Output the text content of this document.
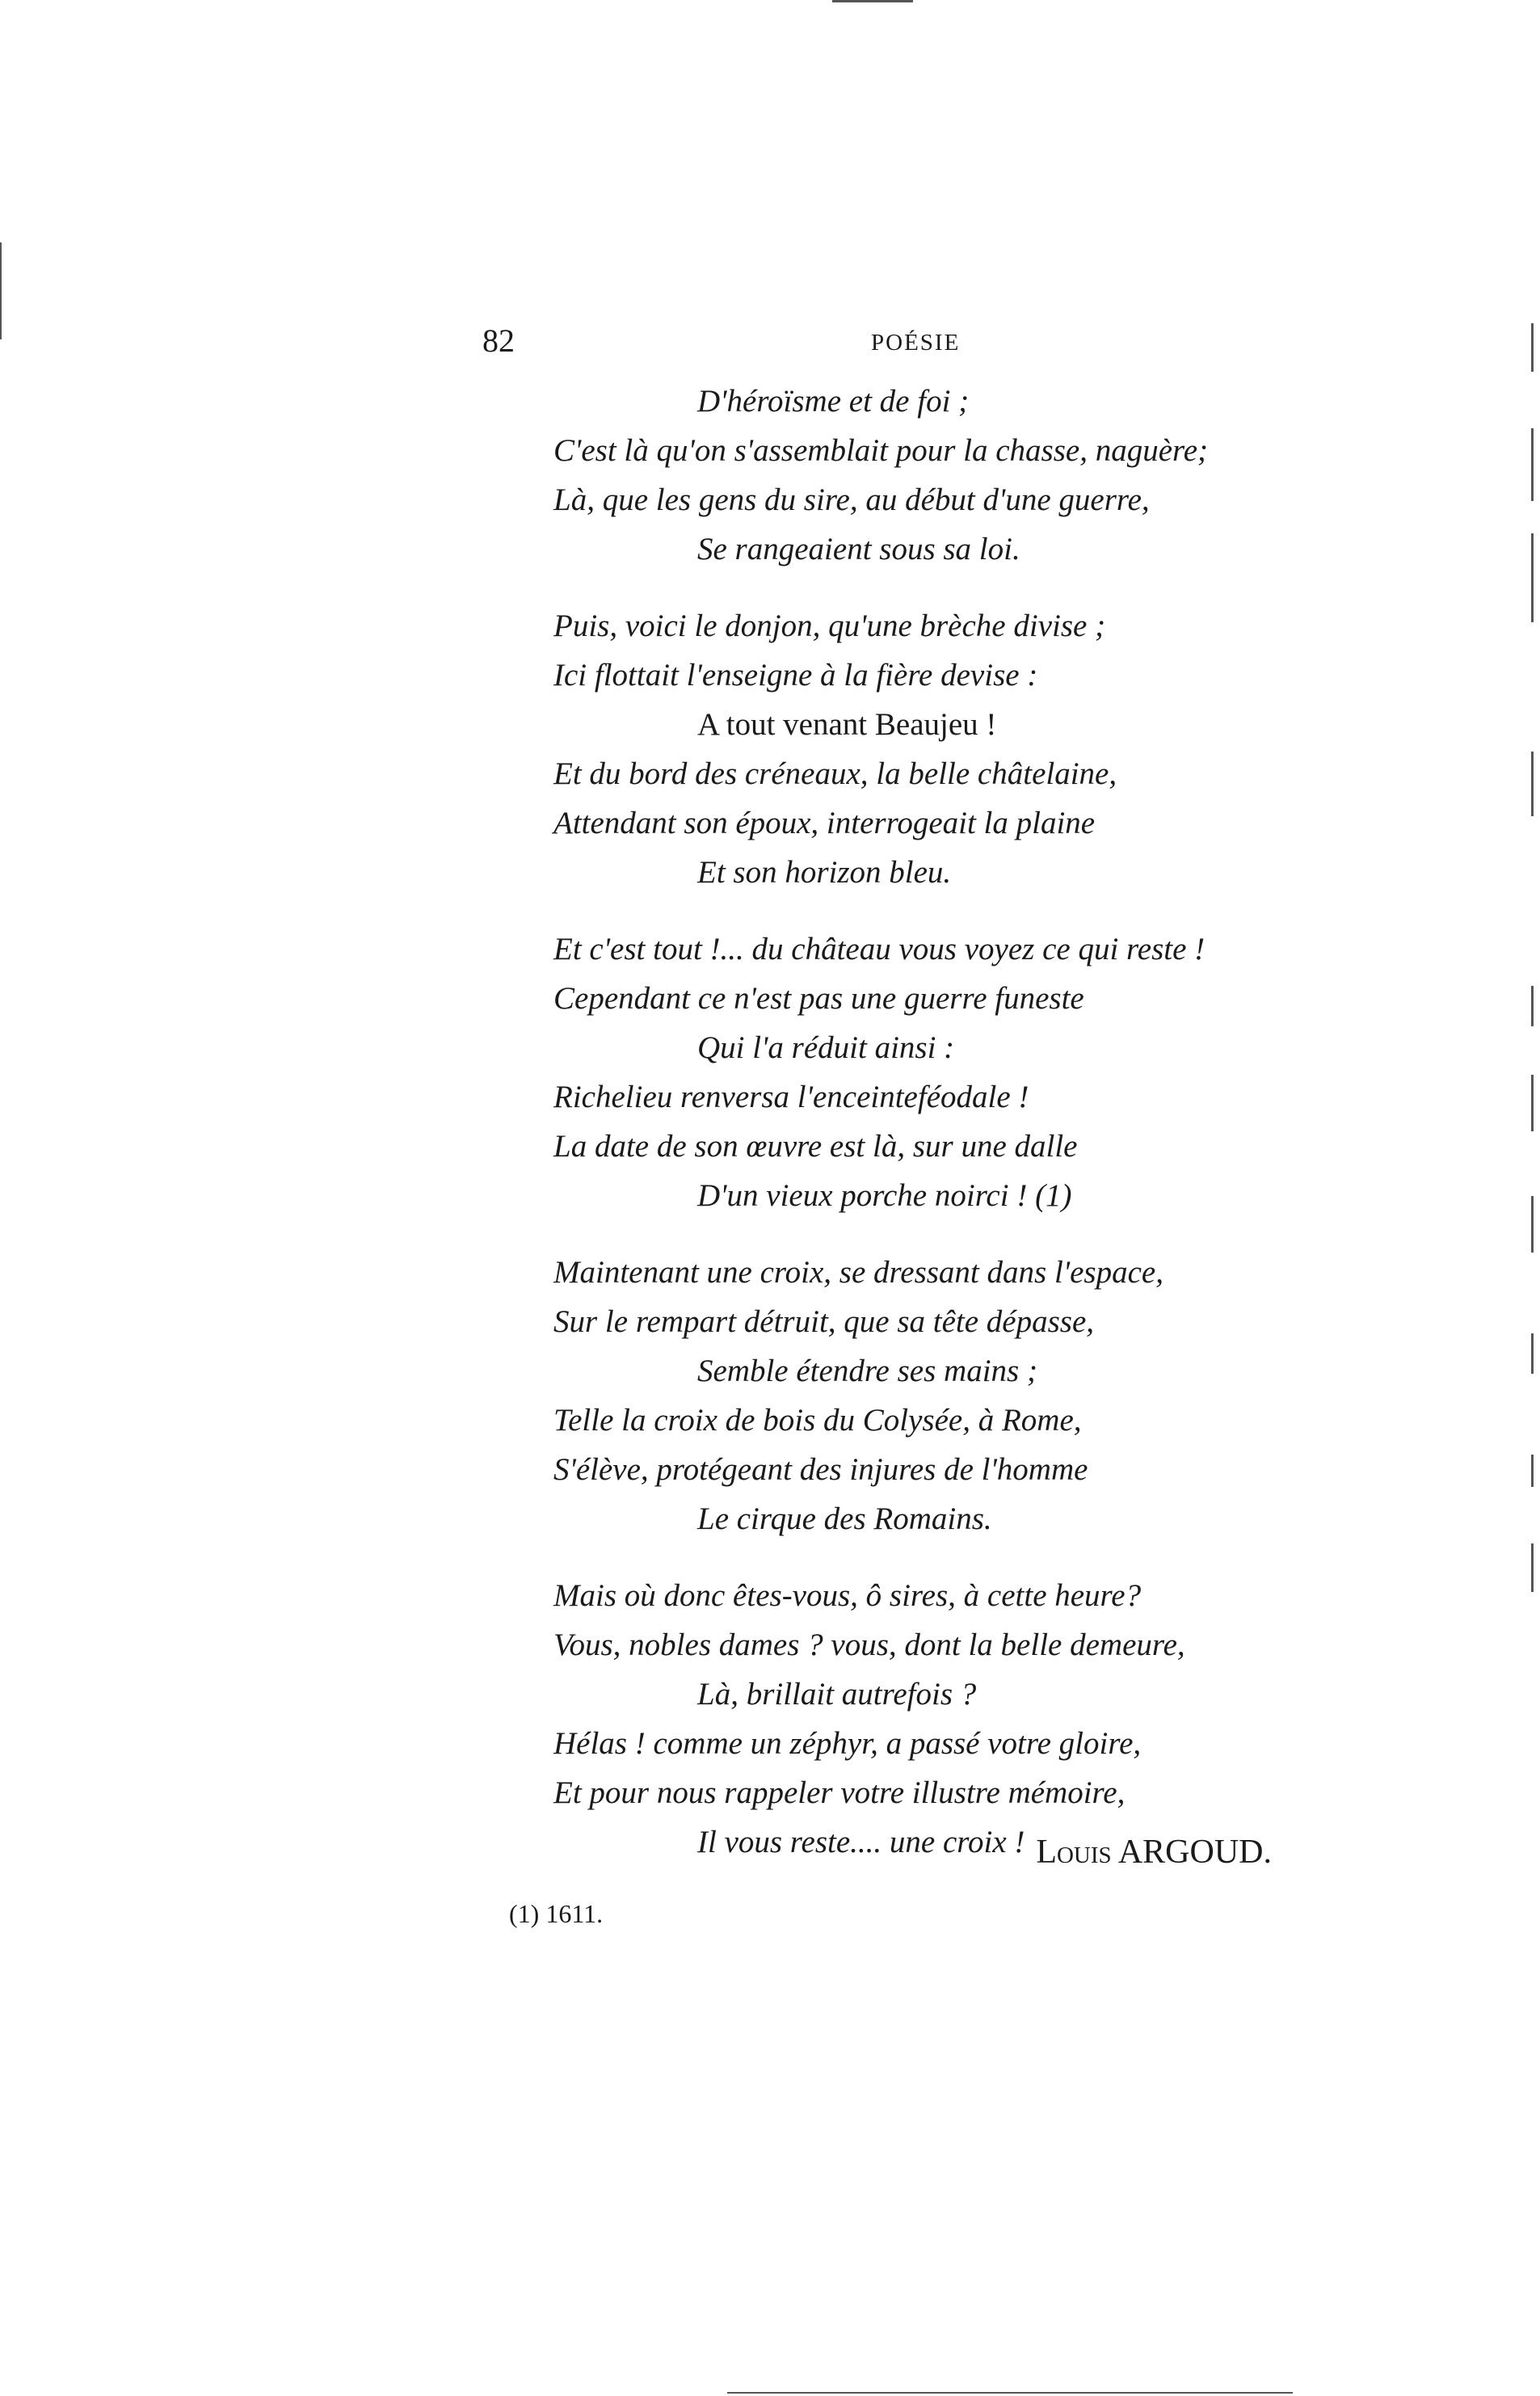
82	POÉSIE
D'héroïsme et de foi ;
C'est là qu'on s'assemblait pour la chasse, naguère;
Là, que les gens du sire, au début d'une guerre,
Se rangeaient sous sa loi.
Puis, voici le donjon, qu'une brèche divise ;
Ici flottait l'enseigne à la fière devise :
A tout venant Beaujeu !
Et du bord des créneaux, la belle châtelaine,
Attendant son époux, interrogeait la plaine
Et son horizon bleu.
Et c'est tout !... du château vous voyez ce qui reste !
Cependant ce n'est pas une guerre funeste
Qui l'a réduit ainsi :
Richelieu renversa l'enceinteféodale !
La date de son œuvre est là, sur une dalle
D'un vieux porche noirci ! (1)
Maintenant une croix, se dressant dans l'espace,
Sur le rempart détruit, que sa tête dépasse,
Semble étendre ses mains ;
Telle la croix de bois du Colysée, à Rome,
S'élève, protégeant des injures de l'homme
Le cirque des Romains.
Mais où donc êtes-vous, ô sires, à cette heure?
Vous, nobles dames ? vous, dont la belle demeure,
Là, brillait autrefois ?
Hélas ! comme un zéphyr, a passé votre gloire,
Et pour nous rappeler votre illustre mémoire,
Il vous reste.... une croix ! Louis ARGOUD.
(1) 1611.
